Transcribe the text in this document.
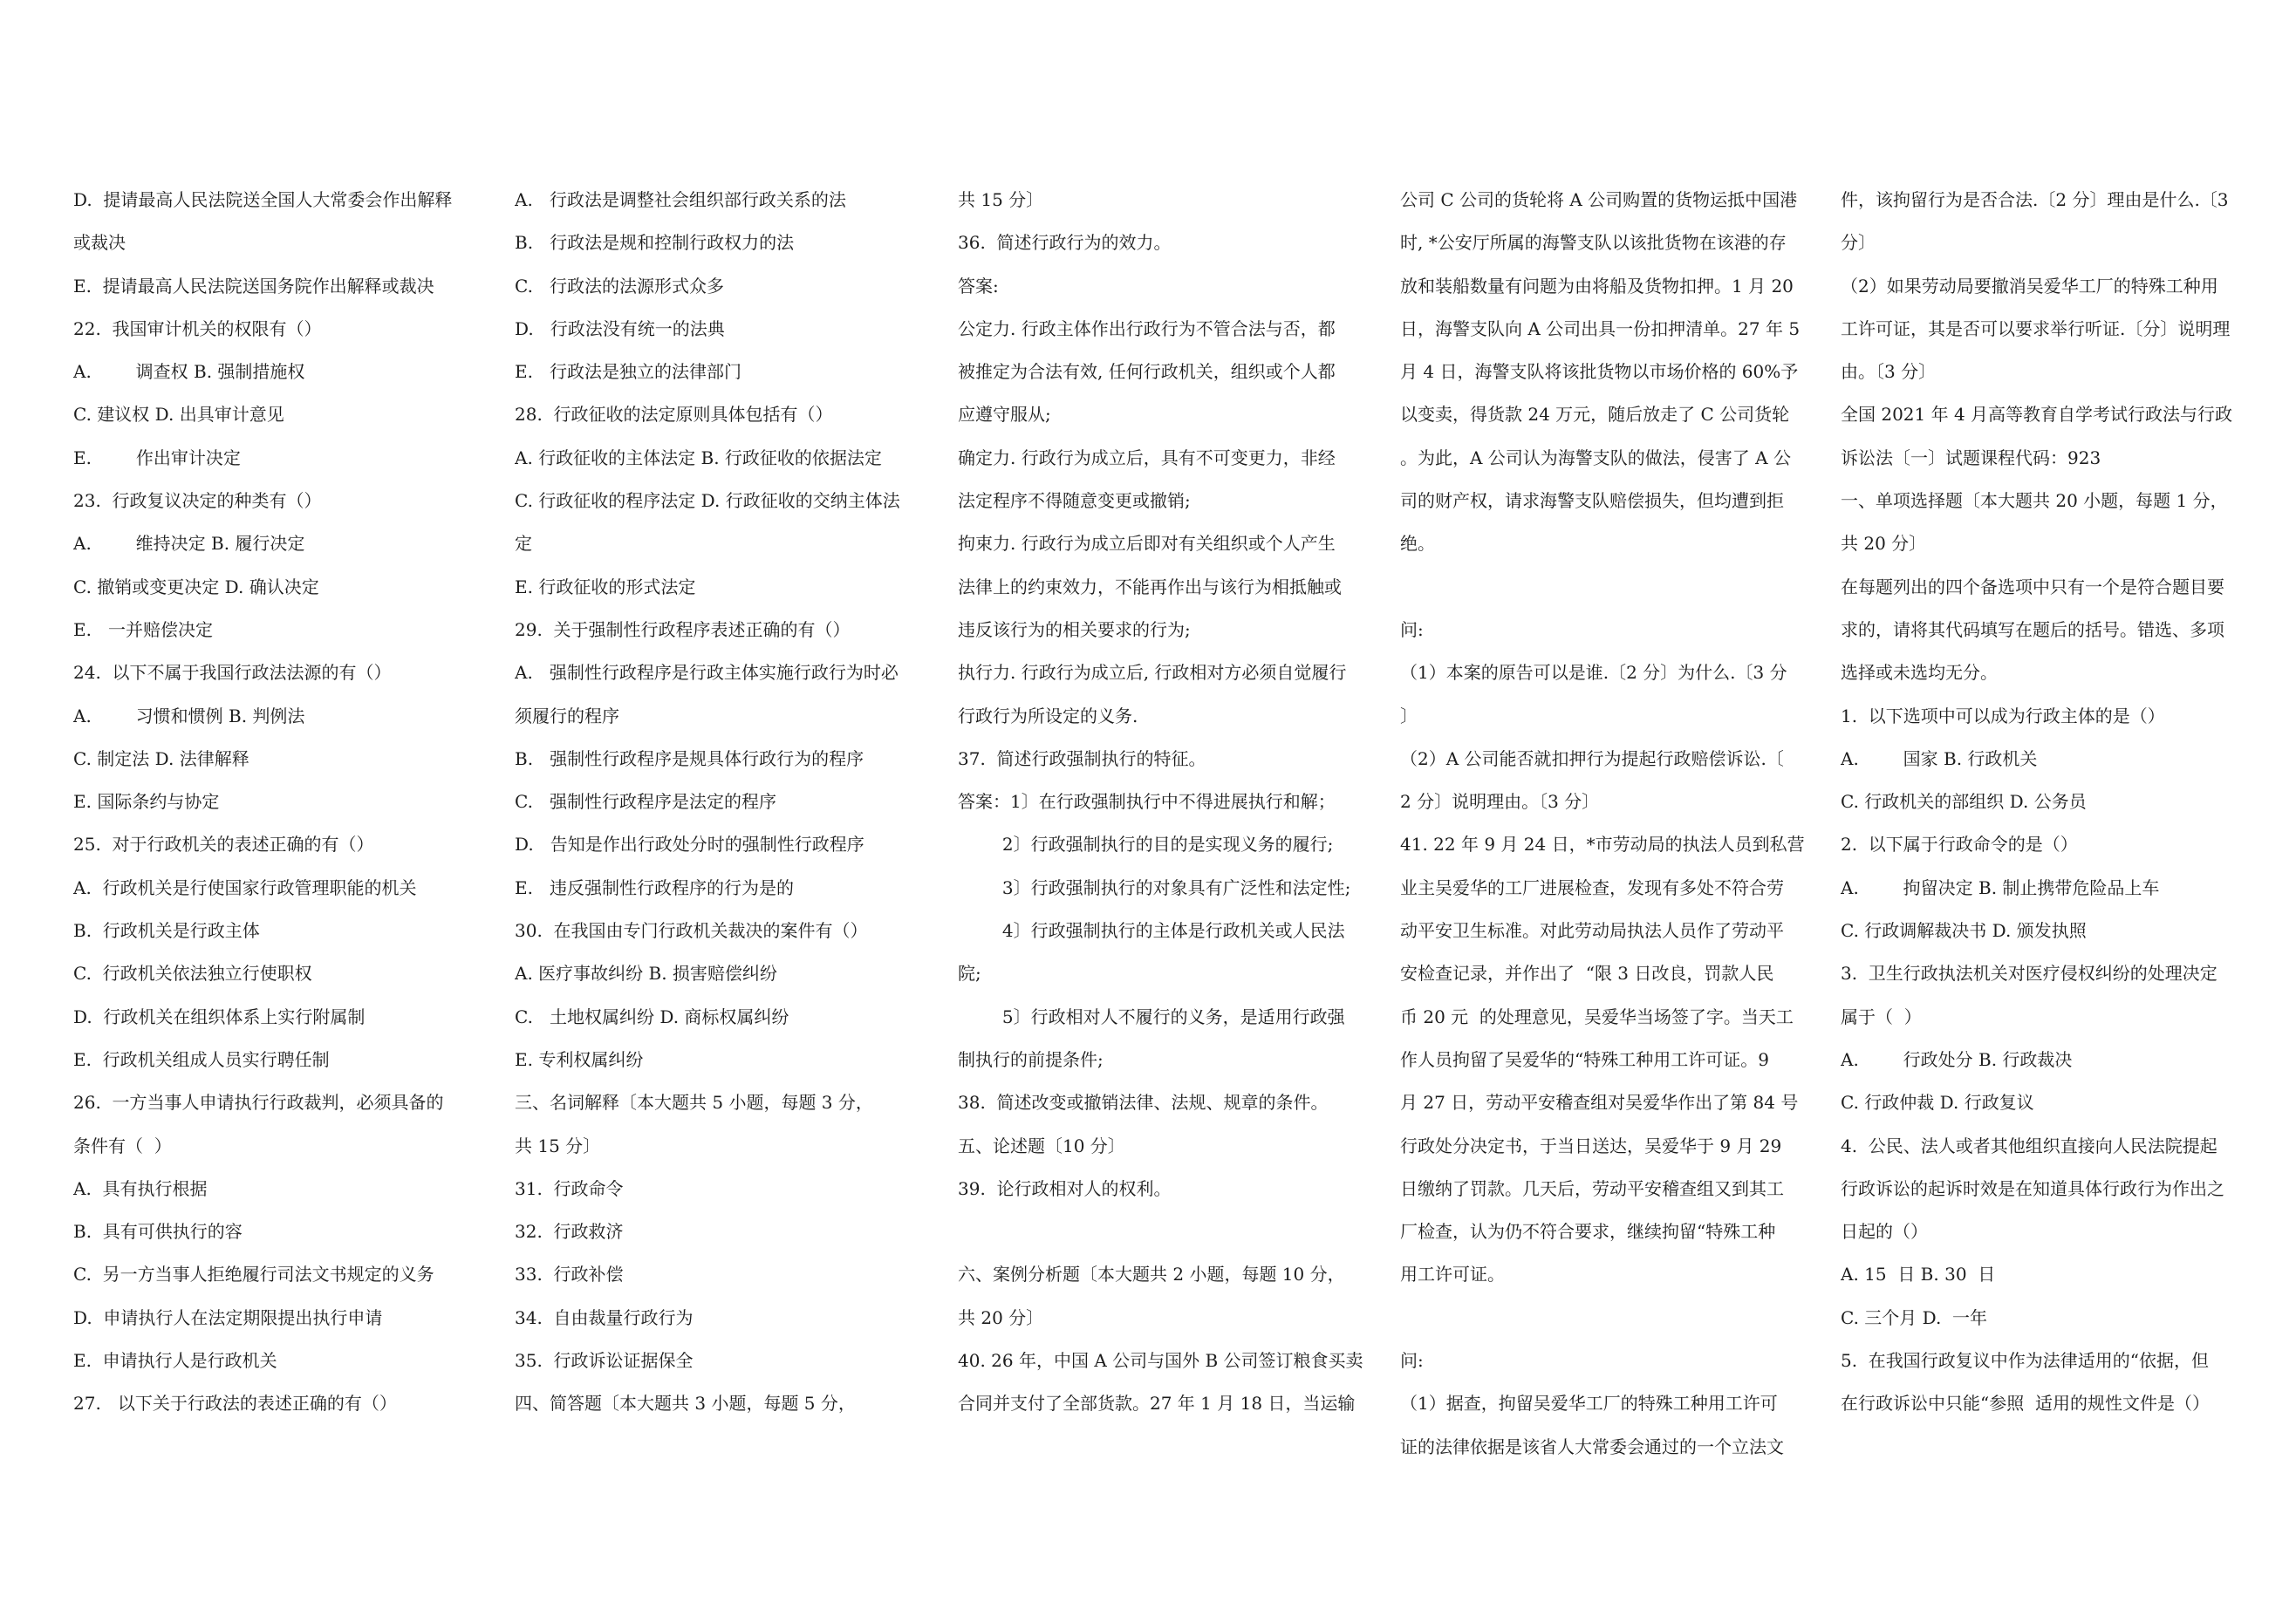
D.  提请最高人民法院送全国人大常委会作出解释
或裁决
E.  提请最高人民法院送国务院作出解释或裁决
22.  我国审计机关的权限有（）
A.        调查权 B. 强制措施权
C. 建议权 D. 出具审计意见
E.        作出审计决定
23.  行政复议决定的种类有（）
A.        维持决定 B. 履行决定
C. 撤销或变更决定 D. 确认决定
E.   一并赔偿决定
24.  以下不属于我国行政法法源的有（）
A.        习惯和惯例 B. 判例法
C. 制定法 D. 法律解释
E. 国际条约与协定
25.  对于行政机关的表述正确的有（）
A.  行政机关是行使国家行政管理职能的机关
B.  行政机关是行政主体
C.  行政机关依法独立行使职权
D.  行政机关在组织体系上实行附属制
E.  行政机关组成人员实行聘任制
26.  一方当事人申请执行行政裁判，必须具备的
条件有（  ）
A.  具有执行根据
B.  具有可供执行的容
C.  另一方当事人拒绝履行司法文书规定的义务
D.  申请执行人在法定期限提出执行申请
E.  申请执行人是行政机关
27.   以下关于行政法的表述正确的有（）
A.   行政法是调整社会组织部行政关系的法
B.   行政法是规和控制行政权力的法
C.   行政法的法源形式众多
D.   行政法没有统一的法典
E.   行政法是独立的法律部门
28.  行政征收的法定原则具体包括有（）
A. 行政征收的主体法定 B. 行政征收的依据法定
C. 行政征收的程序法定 D. 行政征收的交纳主体法
定
E. 行政征收的形式法定
29.  关于强制性行政程序表述正确的有（）
A.   强制性行政程序是行政主体实施行政行为时必
须履行的程序
B.   强制性行政程序是规具体行政行为的程序
C.   强制性行政程序是法定的程序
D.   告知是作出行政处分时的强制性行政程序
E.   违反强制性行政程序的行为是的
30.  在我国由专门行政机关裁决的案件有（）
A. 医疗事故纠纷 B. 损害赔偿纠纷
C.   土地权属纠纷 D. 商标权属纠纷
E. 专利权属纠纷
三、名词解释〔本大题共 5 小题，每题 3 分，
共 15 分〕
31.  行政命令
32.  行政救济
33.  行政补偿
34.  自由裁量行政行为
35.  行政诉讼证据保全
四、简答题〔本大题共 3 小题，每题 5 分，
共 15 分〕
36.  简述行政行为的效力。
答案:
公定力. 行政主体作出行政行为不管合法与否，都
被推定为合法有效, 任何行政机关，组织或个人都
应遵守服从;
确定力. 行政行为成立后，具有不可变更力，非经
法定程序不得随意变更或撤销;
拘束力. 行政行为成立后即对有关组织或个人产生
法律上的约束效力，不能再作出与该行为相抵触或
违反该行为的相关要求的行为;
执行力. 行政行为成立后, 行政相对方必须自觉履行
行政行为所设定的义务.
37.  简述行政强制执行的特征。
答案：1〕在行政强制执行中不得进展执行和解；
2〕行政强制执行的目的是实现义务的履行;
3〕行政强制执行的对象具有广泛性和法定性;
4〕行政强制执行的主体是行政机关或人民法
院;
5〕行政相对人不履行的义务，是适用行政强
制执行的前提条件;
38.  简述改变或撤销法律、法规、规章的条件。
五、论述题〔10 分〕
39.  论行政相对人的权利。
六、案例分析题〔本大题共 2 小题，每题 10 分，
共 20 分〕
40. 26 年，中国 A 公司与国外 B 公司签订粮食买卖
合同并支付了全部货款。27 年 1 月 18 日，当运输
公司 C 公司的货轮将 A 公司购置的货物运抵中国港
时, *公安厅所属的海警支队以该批货物在该港的存
放和装船数量有问题为由将船及货物扣押。1 月 20
日，海警支队向 A 公司出具一份扣押清单。27 年 5
月 4 日，海警支队将该批货物以市场价格的 60%予
以变卖，得货款 24 万元，随后放走了 C 公司货轮
。为此，A 公司认为海警支队的做法，侵害了 A 公
司的财产权，请求海警支队赔偿损失，但均遭到拒
绝。
问:
（1）本案的原告可以是谁.〔2 分〕为什么.〔3 分
〕
（2）A 公司能否就扣押行为提起行政赔偿诉讼.〔
2 分〕说明理由。〔3 分〕
41. 22 年 9 月 24 日，*市劳动局的执法人员到私营
业主吴爱华的工厂进展检查，发现有多处不符合劳
动平安卫生标准。对此劳动局执法人员作了劳动平
安检查记录，并作出了  “限 3 日改良，罚款人民
币 20 元  的处理意见，吴爱华当场签了字。当天工
作人员拘留了吴爱华的“特殊工种用工许可证。9
月 27 日，劳动平安稽查组对吴爱华作出了第 84 号
行政处分决定书，于当日送达，吴爱华于 9 月 29
日缴纳了罚款。几天后，劳动平安稽查组又到其工
厂检查，认为仍不符合要求，继续拘留“特殊工种
用工许可证。
问:
（1）据查，拘留吴爱华工厂的特殊工种用工许可
证的法律依据是该省人大常委会通过的一个立法文
件，该拘留行为是否合法.〔2 分〕理由是什么.〔3
分〕
（2）如果劳动局要撤消吴爱华工厂的特殊工种用
工许可证，其是否可以要求举行听证.〔分〕说明理
由。〔3 分〕
全国 2021 年 4 月高等教育自学考试行政法与行政
诉讼法〔一〕试题课程代码：923
一、单项选择题〔本大题共 20 小题，每题 1 分，
共 20 分〕
在每题列出的四个备选项中只有一个是符合题目要
求的，请将其代码填写在题后的括号。错选、多项
选择或未选均无分。
1.  以下选项中可以成为行政主体的是（）
A.        国家 B. 行政机关
C. 行政机关的部组织 D. 公务员
2.  以下属于行政命令的是（）
A.        拘留决定 B. 制止携带危险品上车
C. 行政调解裁决书 D. 颁发执照
3.  卫生行政执法机关对医疗侵权纠纷的处理决定
属于（  ）
A.        行政处分 B. 行政裁决
C. 行政仲裁 D. 行政复议
4.  公民、法人或者其他组织直接向人民法院提起
行政诉讼的起诉时效是在知道具体行政行为作出之
日起的（）
A. 15  日 B. 30  日
C. 三个月 D.  一年
5.  在我国行政复议中作为法律适用的“依据，但
在行政诉讼中只能“参照  适用的规性文件是（）
